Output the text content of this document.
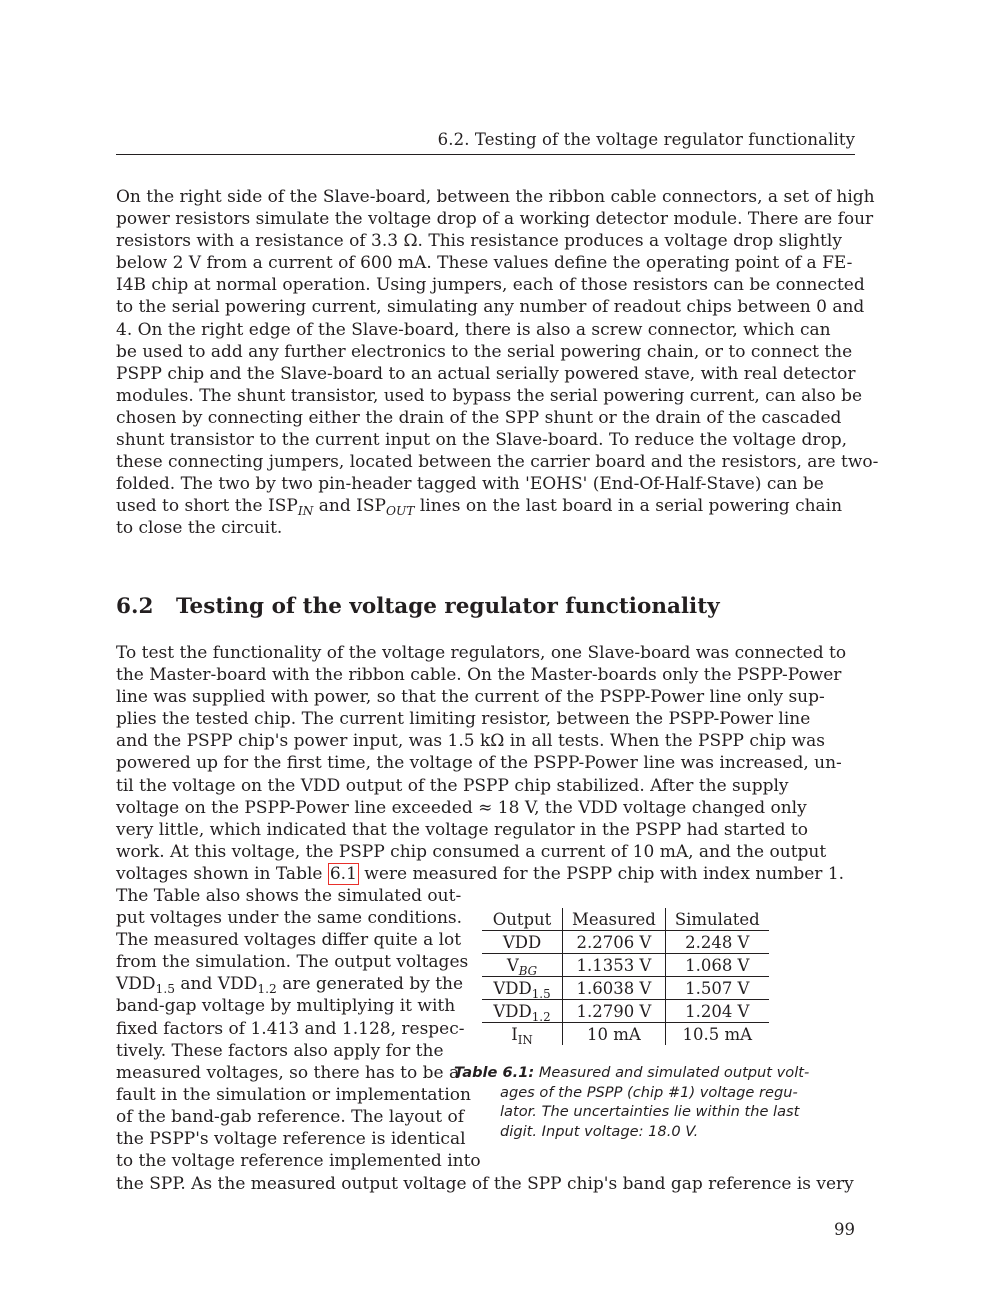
6.2. Testing of the voltage regulator functionality

On the right side of the Slave-board, between the ribbon cable connectors, a set of high
power resistors simulate the voltage drop of a working detector module. There are four
resistors with a resistance of 3.3 Ω. This resistance produces a voltage drop slightly
below 2 V from a current of 600 mA. These values define the operating point of a FE-
I4B chip at normal operation. Using jumpers, each of those resistors can be connected
to the serial powering current, simulating any number of readout chips between 0 and
4. On the right edge of the Slave-board, there is also a screw connector, which can
be used to add any further electronics to the serial powering chain, or to connect the
PSPP chip and the Slave-board to an actual serially powered stave, with real detector
modules. The shunt transistor, used to bypass the serial powering current, can also be
chosen by connecting either the drain of the SPP shunt or the drain of the cascaded
shunt transistor to the current input on the Slave-board. To reduce the voltage drop,
these connecting jumpers, located between the carrier board and the resistors, are two-
folded. The two by two pin-header tagged with 'EOHS' (End-Of-Half-Stave) can be
used to short the $ISP_{IN}$ and $ISP_{OUT}$ lines on the last board in a serial powering chain
to close the circuit.

6.2 Testing of the voltage regulator functionality

To test the functionality of the voltage regulators, one Slave-board was connected to
the Master-board with the ribbon cable. On the Master-boards only the PSPP-Power
line was supplied with power, so that the current of the PSPP-Power line only sup-
plies the tested chip. The current limiting resistor, between the PSPP-Power line
and the PSPP chip's power input, was 1.5 kΩ in all tests. When the PSPP chip was
powered up for the first time, the voltage of the PSPP-Power line was increased, un-
til the voltage on the VDD output of the PSPP chip stabilized. After the supply
voltage on the PSPP-Power line exceeded ≈ 18 V, the VDD voltage changed only
very little, which indicated that the voltage regulator in the PSPP had started to
work. At this voltage, the PSPP chip consumed a current of 10 mA, and the output
voltages shown in Table 6.1 were measured for the PSPP chip with index number 1.

The Table also shows the simulated out-
put voltages under the same conditions.
The measured voltages differ quite a lot
from the simulation. The output voltages
$VDD_{1.5}$ and $VDD_{1.2}$ are generated by the
band-gap voltage by multiplying it with
fixed factors of 1.413 and 1.128, respec-
tively. These factors also apply for the
measured voltages, so there has to be a
fault in the simulation or implementation
of the band-gab reference. The layout of
the PSPP's voltage reference is identical
to the voltage reference implemented into

Output	Measured	Simulated
VDD	2.2706 V	2.248 V
$V_{BG}$	1.1353 V	1.068 V
$VDD_{1.5}$	1.6038 V	1.507 V
$VDD_{1.2}$	1.2790 V	1.204 V
$I_{IN}$	10 mA	10.5 mA

Table 6.1: Measured and simulated output volt-
ages of the PSPP (chip #1) voltage regu-
lator. The uncertainties lie within the last
digit. Input voltage: 18.0 V.

the SPP. As the measured output voltage of the SPP chip's band gap reference is very

99
